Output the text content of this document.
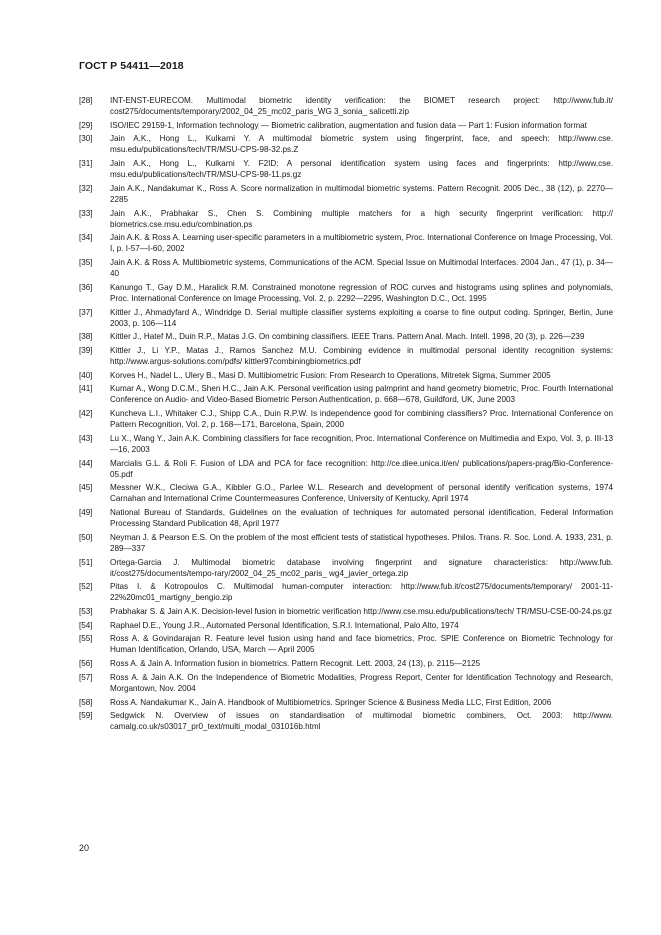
ГОСТ Р 54411—2018
[28]	INT-ENST-EURECOM. Multimodal biometric identity verification: the BIOMET research project: http://www.fub.it/ cost275/documents/temporary/2002_04_25_mc02_paris_WG 3_sonia_ salicetti.zip
[29]	ISO/IEC 29159-1, Information technology — Biometric calibration, augmentation and fusion data — Part 1: Fusion information format
[30]	Jain A.K., Hong L., Kulkarni Y. A multimodal biometric system using fingerprint, face, and speech: http://www.cse. msu.edu/publications/tech/TR/MSU-CPS-98-32.ps.Z
[31]	Jain A.K., Hong L., Kulkarni Y. F2ID: A personal identification system using faces and fingerprints: http://www.cse. msu.edu/publications/tech/TR/MSU-CPS-98-11.ps.gz
[32]	Jain A.K., Nandakumar K., Ross A. Score normalization in multimodal biometric systems. Pattern Recognit. 2005 Dec., 38 (12), p. 2270—2285
[33]	Jain A.K., Prabhakar S., Chen S. Combining multiple matchers for a high security fingerprint verification: http:// biometrics.cse.msu.edu/combination.ps
[34]	Jain A.K. & Ross A. Learning user-specific parameters in a multibiometric system, Proc. International Conference on Image Processing, Vol. I, p. I-57—I-60, 2002
[35]	Jain A.K. & Ross A. Multibiometric systems, Communications of the ACM. Special Issue on Multimodal Interfaces. 2004 Jan., 47 (1), p. 34—40
[36]	Kanungo T., Gay D.M., Haralick R.M. Constrained monotone regression of ROC curves and histograms using splines and polynomials, Proc. International Conference on Image Processing, Vol. 2, p. 2292—2295, Washington D.C., Oct. 1995
[37]	Kittler J., Ahmadyfard A., Windridge D. Serial multiple classifier systems exploiting a coarse to fine output coding. Springer, Berlin, June 2003, p. 106—114
[38]	Kittler J., Hatef M., Duin R.P., Matas J.G. On combining classifiers. IEEE Trans. Pattern Anal. Mach. Intell. 1998, 20 (3), p. 226—239
[39]	Kittler J., Li Y.P., Matas J., Ramos Sanchez M.U. Combining evidence in multimodal personal identity recognition systems: http://www.argus-solutions.com/pdfs/ kittler97combiningbiometrics.pdf
[40]	Korves H., Nadel L., Ulery B., Masi D. Multibiometric Fusion: From Research to Operations, Mitretek Sigma, Summer 2005
[41]	Kumar A., Wong D.C.M., Shen H.C., Jain A.K. Personal verification using palmprint and hand geometry biometric, Proc. Fourth International Conference on Audio- and Video-Based Biometric Person Authentication, p. 668—678, Guildford, UK, June 2003
[42]	Kuncheva L.I., Whitaker C.J., Shipp C.A., Duin R.P.W. Is independence good for combining classifiers? Proc. International Conference on Pattern Recognition, Vol. 2, p. 168—171, Barcelona, Spain, 2000
[43]	Lu X., Wang Y., Jain A.K. Combining classifiers for face recognition, Proc. International Conference on Multimedia and Expo, Vol. 3, p. III-13—16, 2003
[44]	Marcialis G.L. & Roli F. Fusion of LDA and PCA for face recognition: http://ce.diee.unica.it/en/ publications/papers-prag/Bio-Conference-05.pdf
[45]	Messner W.K., Cleciwa G.A., Kibbler G.O., Parlee W.L. Research and development of personal identify verification systems, 1974 Carnahan and International Crime Countermeasures Conference, University of Kentucky, April 1974
[49]	National Bureau of Standards, Guidelines on the evaluation of techniques for automated personal identification, Federal Information Processing Standard Publication 48, April 1977
[50]	Neyman J. & Pearson E.S. On the problem of the most efficient tests of statistical hypotheses. Philos. Trans. R. Soc. Lond. A. 1933, 231, p. 289—337
[51]	Ortega-Garcia J. Multimodal biometric database involving fingerprint and signature characteristics: http://www.fub. it/cost275/documents/tempo-rary/2002_04_25_mc02_paris_ wg4_javier_ortega.zip
[52]	Pitas I. & Kotropoulos C. Multimodal human-computer interaction: http://www.fub.it/cost275/documents/temporary/ 2001-11-22%20mc01_martigny_bengio.zip
[53]	Prabhakar S. & Jain A.K. Decision-level fusion in biometric verification http://www.cse.msu.edu/publications/tech/ TR/MSU-CSE-00-24.ps.gz
[54]	Raphael D.E., Young J.R., Automated Personal Identification, S.R.I. International, Palo Alto, 1974
[55]	Ross A. & Govindarajan R. Feature level fusion using hand and face biometrics, Proc. SPIE Conference on Biometric Technology for Human Identification, Orlando, USA, March — April 2005
[56]	Ross A. & Jain A. Information fusion in biometrics. Pattern Recognit. Lett. 2003, 24 (13), p. 2115—2125
[57]	Ross A. & Jain A.K. On the Independence of Biometric Modalities, Progress Report, Center for Identification Technology and Research, Morgantown, Nov. 2004
[58]	Ross A. Nandakumar K., Jain A. Handbook of Multibiometrics. Springer Science & Business Media LLC, First Edition, 2006
[59]	Sedgwick N. Overview of issues on standardisation of multimodal biometric combiners, Oct. 2003: http://www. camalg.co.uk/s03017_pr0_text/multi_modal_031016b.html
20
